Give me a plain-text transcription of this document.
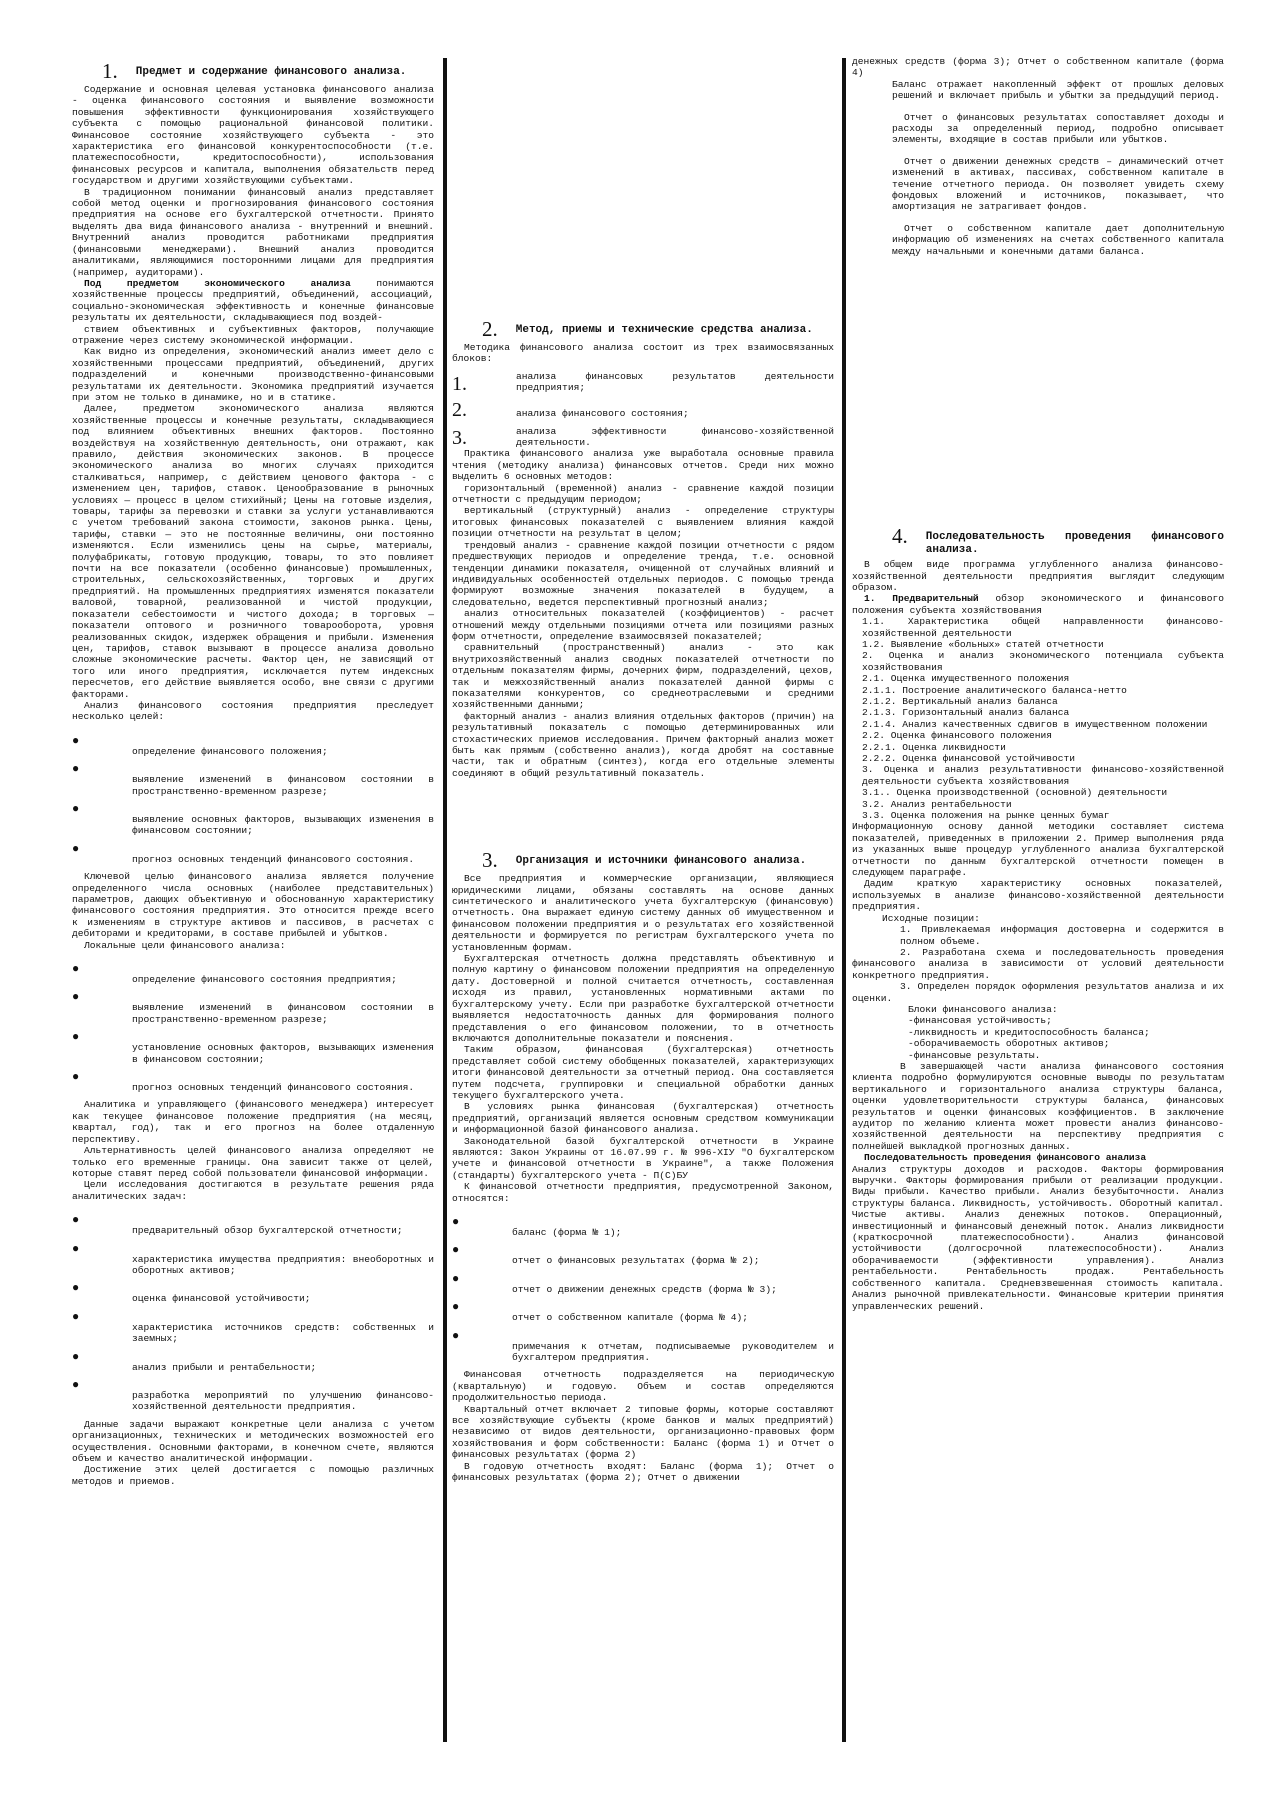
1. Предмет и содержание финансового анализа.

Содержание и основная целевая установка финансового анализа - оценка финансового состояния и выявление возможности повышения эффективности функционирования хозяйствующего субъекта с помощью рациональной финансовой политики. Финансовое состояние хозяйствующего субъекта - это характеристика его финансовой конкурентоспособности (т.е. платежеспособности, кредитоспособности), использования финансовых ресурсов и капитала, выполнения обязательств перед государством и другими хозяйствующими субъектами.

В традиционном понимании финансовый анализ представляет собой метод оценки и прогнозирования финансового состояния предприятия на основе его бухгалтерской отчетности. Принято выделять два вида финансового анализа - внутренний и внешний. Внутренний анализ проводится работниками предприятия (финансовыми менеджерами). Внешний анализ проводится аналитиками, являющимися посторонними лицами для предприятия (например, аудиторами).

Под предметом экономического анализа понимаются хозяйственные процессы предприятий, объединений, ассоциаций, социально-экономическая эффективность и конечные финансовые результаты их деятельности, складывающиеся под воздей-

ствием объективных и субъективных факторов, получающие отражение через систему экономической информации.

Как видно из определения, экономический анализ имеет дело с хозяйственными процессами предприятий, объединений, других подразделений и конечными производственно-финансовыми результатами их деятельности. Экономика предприятий изучается при этом не только в динамике, но и в статике.

Далее, предметом экономического анализа являются хозяйственные процессы и конечные результаты, складывающиеся под влиянием объективных внешних факторов. Постоянно воздействуя на хозяйственную деятельность, они отражают, как правило, действия экономических законов. В процессе экономического анализа во многих случаях приходится сталкиваться, например, с действием ценового фактора - с изменением цен, тарифов, ставок. Ценообразование в рыночных условиях — процесс в целом стихийный; Цены на готовые изделия, товары, тарифы за перевозки и ставки за услуги устанавливаются с учетом требований закона стоимости, законов рынка. Цены, тарифы, ставки — это не постоянные величины, они постоянно изменяются. Если изменились цены на сырье, материалы, полуфабрикаты, готовую продукцию, товары, то это повлияет почти на все показатели (особенно финансовые) промышленных, строительных, сельскохозяйственных, торговых и других предприятий. На промышленных предприятиях изменятся показатели валовой, товарной, реализованной и чистой продукции, показатели себестоимости и чистого дохода; в торговых — показатели оптового и розничного товарооборота, уровня реализованных скидок, издержек обращения и прибыли. Изменения цен, тарифов, ставок вызывают в процессе анализа довольно сложные экономические расчеты. Фактор цен, не зависящий от того или иного предприятия, исключается путем индексных пересчетов, его действие выявляется особо, вне связи с другими факторами.

Анализ финансового состояния предприятия преследует несколько целей:

●
определение финансового положения;
●
выявление изменений в финансовом состоянии в пространственно-временном разрезе;
●
выявление основных факторов, вызывающих изменения в финансовом состоянии;
●
прогноз основных тенденций финансового состояния.

Ключевой целью финансового анализа является получение определенного числа основных (наиболее представительных) параметров, дающих объективную и обоснованную характеристику финансового состояния предприятия. Это относится прежде всего к изменениям в структуре активов и пассивов, в расчетах с дебиторами и кредиторами, в составе прибылей и убытков.

Локальные цели финансового анализа:

●
определение финансового состояния предприятия;
●
выявление изменений в финансовом состоянии в пространственно-временном разрезе;
●
установление основных факторов, вызывающих изменения в финансовом состоянии;
●
прогноз основных тенденций финансового состояния.

Аналитика и управляющего (финансового менеджера) интересует как текущее финансовое положение предприятия (на месяц, квартал, год), так и его прогноз на более отдаленную перспективу.

Альтернативность целей финансового анализа определяют не только его временные границы. Она зависит также от целей, которые ставят перед собой пользователи финансовой информации.

Цели исследования достигаются в результате решения ряда аналитических задач:

●
предварительный обзор бухгалтерской отчетности;
●
характеристика имущества предприятия: внеоборотных и оборотных активов;
●
оценка финансовой устойчивости;
●
характеристика источников средств: собственных и заемных;
●
анализ прибыли и рентабельности;
●
разработка мероприятий по улучшению финансово-хозяйственной деятельности предприятия.

Данные задачи выражают конкретные цели анализа с учетом организационных, технических и методических возможностей его осуществления. Основными факторами, в конечном счете, являются объем и качество аналитической информации.

Достижение этих целей достигается с помощью различных методов и приемов.

2. Метод, приемы и технические средства анализа.

Методика финансового анализа состоит из трех взаимосвязанных блоков:

1.	анализа финансовых результатов деятельности предприятия;
2.	анализа финансового состояния;
3.	анализа эффективности финансово-хозяйственной деятельности.

Практика финансового анализа уже выработала основные правила чтения (методику анализа) финансовых отчетов. Среди них можно выделить 6 основных методов:

горизонтальный (временной) анализ - сравнение каждой позиции отчетности с предыдущим периодом;

вертикальный (структурный) анализ - определение структуры итоговых финансовых показателей с выявлением влияния каждой позиции отчетности на результат в целом;

трендовый анализ - сравнение каждой позиции отчетности с рядом предшествующих периодов и определение тренда, т.е. основной тенденции динамики показателя, очищенной от случайных влияний и индивидуальных особенностей отдельных периодов. С помощью тренда формируют возможные значения показателей в будущем, а следовательно, ведется перспективный прогнозный анализ;

анализ относительных показателей (коэффициентов) - расчет отношений между отдельными позициями отчета или позициями разных форм отчетности, определение взаимосвязей показателей;

сравнительный (пространственный) анализ - это как внутрихозяйственный анализ сводных показателей отчетности по отдельным показателям фирмы, дочерних фирм, подразделений, цехов, так и межхозяйственный анализ показателей данной фирмы с показателями конкурентов, со среднеотраслевыми и средними хозяйственными данными;

факторный анализ - анализ влияния отдельных факторов (причин) на результативный показатель с помощью детерминированных или стохастических приемов исследования. Причем факторный анализ может быть как прямым (собственно анализ), когда дробят на составные части, так и обратным (синтез), когда его отдельные элементы соединяют в общий результативный показатель.

3. Организация и источники финансового анализа.

Все предприятия и коммерческие организации, являющиеся юридическими лицами, обязаны составлять на основе данных синтетического и аналитического учета бухгалтерскую (финансовую) отчетность. Она выражает единую систему данных об имущественном и финансовом положении предприятия и о результатах его хозяйственной деятельности и формируется по регистрам бухгалтерского учета по установленным формам.

Бухгалтерская отчетность должна представлять объективную и полную картину о финансовом положении предприятия на определенную дату. Достоверной и полной считается отчетность, составленная исходя из правил, установленных нормативными актами по бухгалтерскому учету. Если при разработке бухгалтерской отчетности выявляется недостаточность данных для формирования полного представления о его финансовом положении, то в отчетность включаются дополнительные показатели и пояснения.

Таким образом, финансовая (бухгалтерская) отчетность представляет собой систему обобщенных показателей, характеризующих итоги финансовой деятельности за отчетный период. Она составляется путем подсчета, группировки и специальной обработки данных текущего бухгалтерского учета.

В условиях рынка финансовая (бухгалтерская) отчетность предприятий, организаций является основным средством коммуникации и информационной базой финансового анализа.

Законодательной базой бухгалтерской отчетности в Украине являются: Закон Украины от 16.07.99 г. № 996-XIУ "О бухгалтерском учете и финансовой отчетности в Украине", а также Положения (стандарты) бухгалтерского учета - П(С)БУ

К финансовой отчетности предприятия, предусмотренной Законом, относятся:

●
баланс (форма № 1);
●
отчет о финансовых результатах (форма № 2);
●
отчет о движении денежных средств (форма № 3);
●
отчет о собственном капитале (форма № 4);
●
примечания к отчетам, подписываемые руководителем и бухгалтером предприятия.

Финансовая отчетность подразделяется на периодическую (квартальную) и годовую. Объем и состав определяются продолжительностью периода.

Квартальный отчет включает 2 типовые формы, которые составляют все хозяйствующие субъекты (кроме банков и малых предприятий) независимо от видов деятельности, организационно-правовых форм хозяйствования и форм собственности: Баланс (форма 1) и Отчет о финансовых результатах (форма 2)

В годовую отчетность входят: Баланс (форма 1); Отчет о финансовых результатах (форма 2); Отчет о движении

денежных средств (форма 3); Отчет о собственном капитале (форма 4)

Баланс отражает накопленный эффект от прошлых деловых решений и включает прибыль и убытки за предыдущий период.

Отчет о финансовых результатах сопоставляет доходы и расходы за определенный период, подробно описывает элементы, входящие в состав прибыли или убытков.

Отчет о движении денежных средств – динамический отчет изменений в активах, пассивах, собственном капитале в течение отчетного периода. Он позволяет увидеть схему фондовых вложений и источников, показывает, что амортизация не затрагивает фондов.

Отчет о собственном капитале дает дополнительную информацию об изменениях на счетах собственного капитала между начальными и конечными датами баланса.

4. Последовательность проведения финансового анализа.

В общем виде программа углубленного анализа финансово-хозяйственной деятельности предприятия выглядит следующим образом.

1. Предварительный обзор экономического и финансового положения субъекта хозяйствования

1.1. Характеристика общей направленности финансово-хозяйственной деятельности
1.2. Выявление «больных» статей отчетности
2. Оценка и анализ экономического потенциала субъекта хозяйствования
2.1. Оценка имущественного положения
2.1.1. Построение аналитического баланса-нетто
2.1.2. Вертикальный анализ баланса
2.1.3. Горизонтальный анализ баланса
2.1.4. Анализ качественных сдвигов в имущественном положении
2.2. Оценка финансового положения
2.2.1. Оценка ликвидности
2.2.2. Оценка финансовой устойчивости
3. Оценка и анализ результативности финансово-хозяйственной деятельности субъекта хозяйствования
3.1.. Оценка производственной (основной) деятельности
3.2. Анализ рентабельности
3.3. Оценка положения на рынке ценных бумаг

Информационную основу данной методики составляет система показателей, приведенных в приложении 2. Пример выполнения ряда из указанных выше процедур углубленного анализа бухгалтерской отчетности по данным бухгалтерской отчетности помещен в следующем параграфе.

Дадим краткую характеристику основных показателей, используемых в анализе финансово-хозяйственной деятельности предприятия.

Исходные позиции:

1. Привлекаемая информация достоверна и содержится в полном объеме.

2. Разработана схема и последовательность проведения финансового анализа в зависимости от условий деятельности конкретного предприятия.

3. Определен порядок оформления результатов анализа и их оценки.

Блоки финансового анализа:
-финансовая устойчивость;
-ликвидность и кредитоспособность баланса;
-оборачиваемость оборотных активов;
-финансовые результаты.

В завершающей части анализа финансового состояния клиента подробно формулируются основные выводы по результатам вертикального и горизонтального анализа структуры баланса, оценки удовлетворительности структуры баланса, финансовых результатов и оценки финансовых коэффициентов. В заключение аудитор по желанию клиента может провести анализ финансово-хозяйственной деятельности на перспективу предприятия с полнейшей выкладкой прогнозных данных.

Последовательность проведения финансового анализа

Анализ структуры доходов и расходов. Факторы формирования выручки. Факторы формирования прибыли от реализации продукции. Виды прибыли. Качество прибыли. Анализ безубыточности. Анализ структуры баланса. Ликвидность, устойчивость. Оборотный капитал. Чистые активы. Анализ денежных потоков. Операционный, инвестиционный и финансовый денежный поток. Анализ ликвидности (краткосрочной платежеспособности). Анализ финансовой устойчивости (долгосрочной платежеспособности). Анализ оборачиваемости (эффективности управления). Анализ рентабельности. Рентабельность продаж. Рентабельность собственного капитала. Средневзвешенная стоимость капитала. Анализ рыночной привлекательности. Финансовые критерии принятия управленческих решений.
